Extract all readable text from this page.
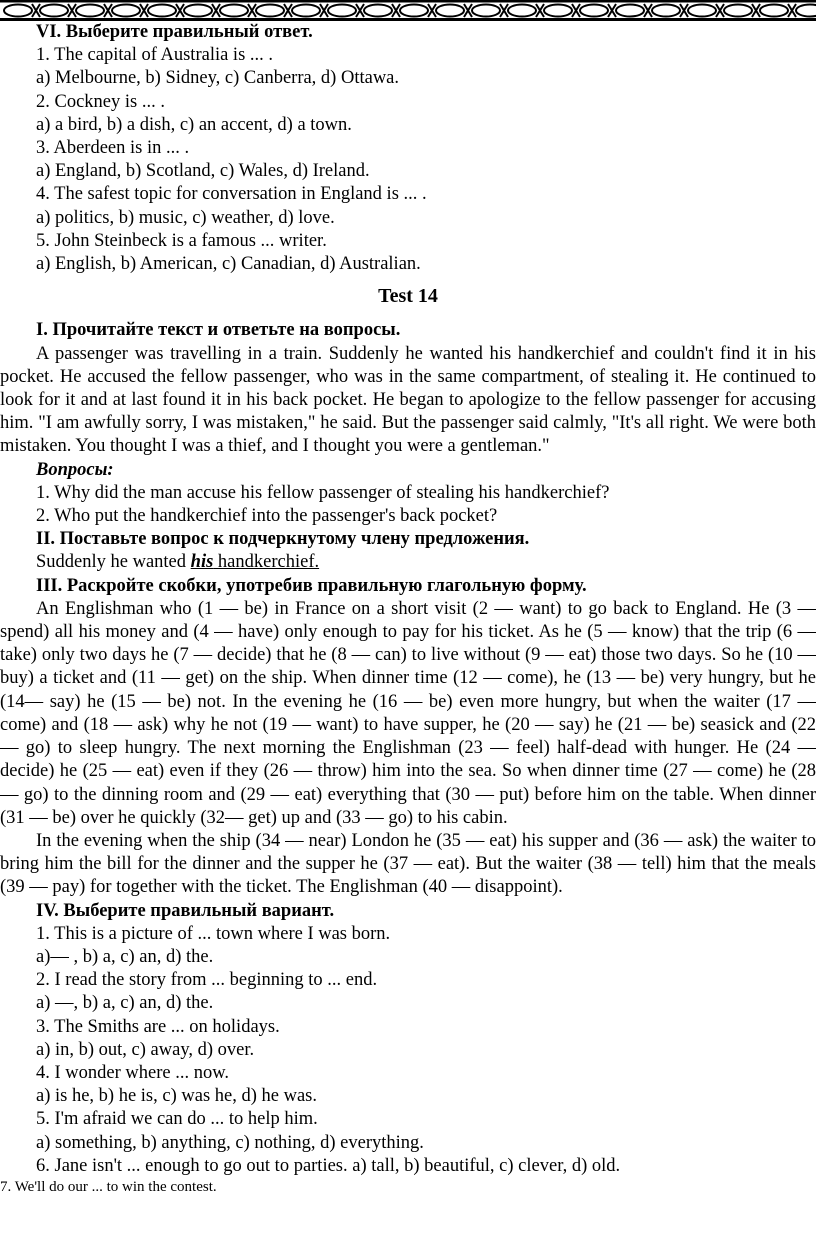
VI. Выберите правильный ответ.
1. The capital of Australia is ... .
a) Melbourne, b) Sidney, c) Canberra, d) Ottawa.
2. Cockney is ... .
a) a bird, b) a dish, c) an accent, d) a town.
3. Aberdeen is in ... .
a) England, b) Scotland, c) Wales, d) Ireland.
4. The safest topic for conversation in England is ... .
a) politics, b) music, c) weather, d) love.
5. John Steinbeck is a famous ... writer.
a) English, b) American, c) Canadian, d) Australian.
Test 14
I. Прочитайте текст и ответьте на вопросы.

A passenger was travelling in a train. Suddenly he wanted his handkerchief and couldn't find it in his pocket. He accused the fellow passenger, who was in the same compartment, of stealing it. He continued to look for it and at last found it in his back pocket. He began to apologize to the fellow passenger for accusing him. "I am awfully sorry, I was mistaken," he said. But the passenger said calmly, "It's all right. We were both mistaken. You thought I was a thief, and I thought you were a gentleman."

Вопросы:
1. Why did the man accuse his fellow passenger of stealing his handkerchief?
2. Who put the handkerchief into the passenger's back pocket?
II. Поставьте вопрос к подчеркнутому члену предложения.
Suddenly he wanted his handkerchief.
III. Раскройте скобки, употребив правильную глагольную форму.

An Englishman who (1 — be) in France on a short visit (2 — want) to go back to England. He (3 — spend) all his money and (4 — have) only enough to pay for his ticket. As he (5 — know) that the trip (6 — take) only two days he (7 — decide) that he (8 — can) to live without (9 — eat) those two days. So he (10 — buy) a ticket and (11 — get) on the ship. When dinner time (12 — come), he (13 — be) very hungry, but he (14— say) he (15 — be) not. In the evening he (16 — be) even more hungry, but when the waiter (17 — come) and (18 — ask) why he not (19 — want) to have supper, he (20 — say) he (21 — be) seasick and (22 — go) to sleep hungry. The next morning the Englishman (23 — feel) half-dead with hunger. He (24 — decide) he (25 — eat) even if they (26 — throw) him into the sea. So when dinner time (27 — come) he (28 — go) to the dinning room and (29 — eat) everything that (30 — put) before him on the table. When dinner (31 — be) over he quickly (32— get) up and (33 — go) to his cabin.

In the evening when the ship (34 — near) London he (35 — eat) his supper and (36 — ask) the waiter to bring him the bill for the dinner and the supper he (37 — eat). But the waiter (38 — tell) him that the meals (39 — pay) for together with the ticket. The Englishman (40 — disappoint).

IV. Выберите правильный вариант.
1. This is a picture of ... town where I was born.
a)— , b) a, c) an, d) the.
2. I read the story from ... beginning to ... end.
a) —, b) a, c) an, d) the.
3. The Smiths are ... on holidays.
a) in, b) out, c) away, d) over.
4. I wonder where ... now.
a) is he, b) he is, c) was he, d) he was.
5. I'm afraid we can do ... to help him.
a) something, b) anything, c) nothing, d) everything.
6. Jane isn't ... enough to go out to parties. a) tall, b) beautiful, c) clever, d) old.
7. We'll do our ... to win the contest.
